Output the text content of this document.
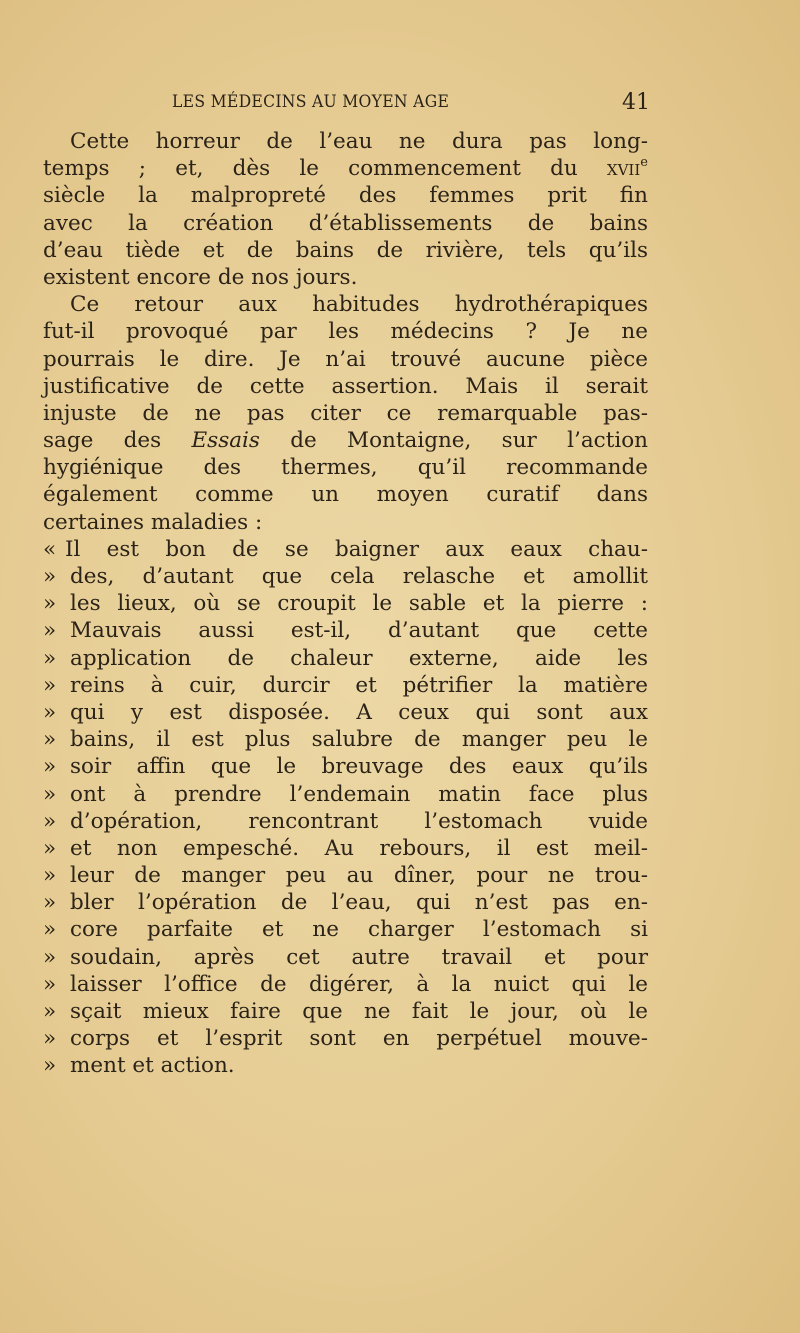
LES MÉDECINS AU MOYEN AGE	41
Cette horreur de l’eau ne dura pas long-
temps ; et, dès le commencement du xvii$^e$
siècle la malpropreté des femmes prit fin
avec la création d’établissements de bains
d’eau tiède et de bains de rivière, tels qu’ils
existent encore de nos jours.
Ce retour aux habitudes hydrothérapiques
fut-il provoqué par les médecins ? Je ne
pourrais le dire. Je n’ai trouvé aucune pièce
justificative de cette assertion. Mais il serait
injuste de ne pas citer ce remarquable pas-
sage des Essais de Montaigne, sur l’action
hygiénique des thermes, qu’il recommande
également comme un moyen curatif dans
certaines maladies :
« Il est bon de se baigner aux eaux chau-
» des, d’autant que cela relasche et amollit
» les lieux, où se croupit le sable et la pierre :
» Mauvais aussi est-il, d’autant que cette
» application de chaleur externe, aide les
» reins à cuir, durcir et pétrifier la matière
» qui y est disposée. A ceux qui sont aux
» bains, il est plus salubre de manger peu le
» soir affin que le breuvage des eaux qu’ils
» ont à prendre l’endemain matin face plus
» d’opération, rencontrant l’estomach vuide
» et non empesché. Au rebours, il est meil-
» leur de manger peu au dîner, pour ne trou-
» bler l’opération de l’eau, qui n’est pas en-
» core parfaite et ne charger l’estomach si
» soudain, après cet autre travail et pour
» laisser l’office de digérer, à la nuict qui le
» sçait mieux faire que ne fait le jour, où le
» corps et l’esprit sont en perpétuel mouve-
» ment et action.
